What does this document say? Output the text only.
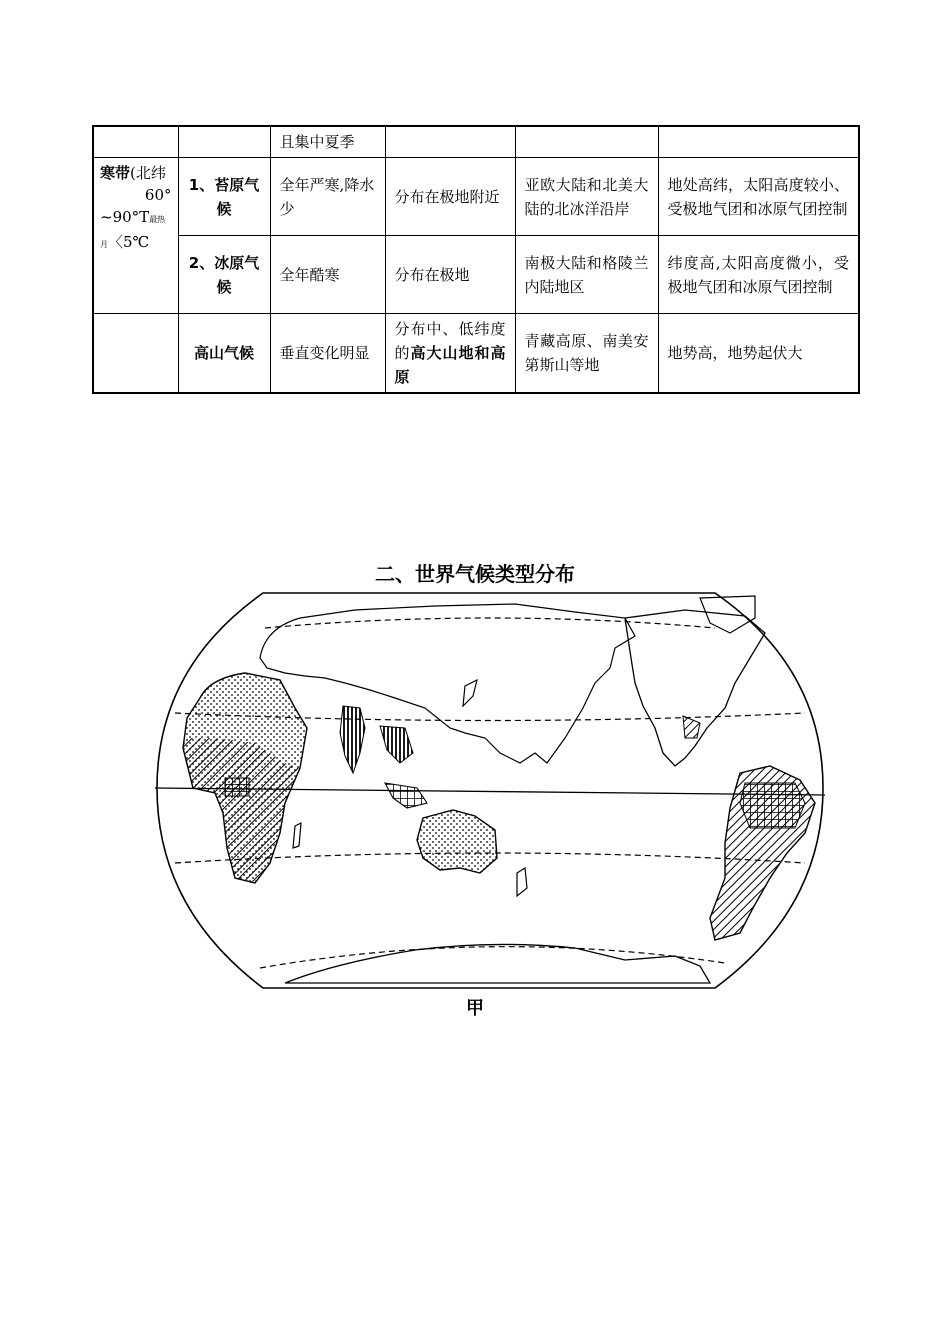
		且集中夏季			

寒带(北纬
60°
~90°T最热月〈5℃	1、苔原气候	全年严寒,降水少	分布在极地附近	亚欧大陆和北美大陆的北冰洋沿岸	地处高纬，太阳高度较小、受极地气团和冰原气团控制
	2、冰原气候	全年酷寒	分布在极地	南极大陆和格陵兰内陆地区	纬度高,太阳高度微小，受极地气团和冰原气团控制
	高山气候	垂直变化明显	分布中、低纬度的高大山地和高原	青藏高原、南美安第斯山等地	地势高，地势起伏大
二、世界气候类型分布
甲
